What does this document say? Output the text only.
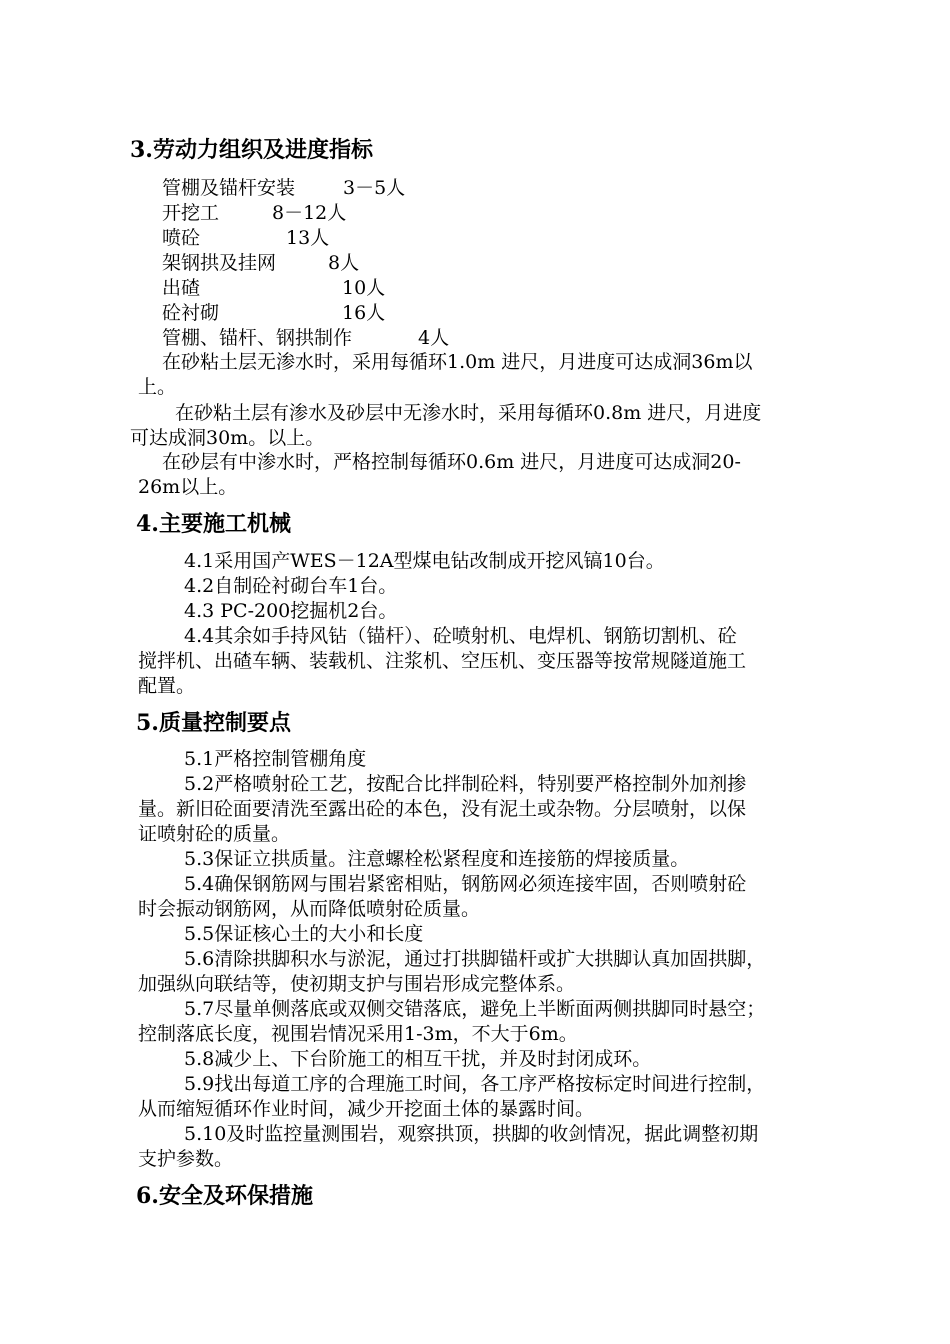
3.劳动力组织及进度指标
管棚及锚杆安装	3－5人
开挖工	8－12人
喷砼	13人
架钢拱及挂网	8人
出碴	10人
砼衬砌	16人
管棚、锚杆、钢拱制作	4人
在砂粘土层无渗水时，采用每循环1.0m 进尺，月进度可达成洞36m以
上。
在砂粘土层有渗水及砂层中无渗水时，采用每循环0.8m 进尺，月进度
可达成洞30m。以上。
在砂层有中渗水时，严格控制每循环0.6m 进尺，月进度可达成洞20-
26m以上。
4.主要施工机械
4.1采用国产WES－12A型煤电钻改制成开挖风镐10台。
4.2自制砼衬砌台车1台。
4.3 PC-200挖掘机2台。
4.4其余如手持风钻（锚杆）、砼喷射机、电焊机、钢筋切割机、砼
搅拌机、出碴车辆、装载机、注浆机、空压机、变压器等按常规隧道施工
配置。
5.质量控制要点
5.1严格控制管棚角度
5.2严格喷射砼工艺，按配合比拌制砼料，特别要严格控制外加剂掺
量。新旧砼面要清洗至露出砼的本色，没有泥土或杂物。分层喷射，以保
证喷射砼的质量。
5.3保证立拱质量。注意螺栓松紧程度和连接筋的焊接质量。
5.4确保钢筋网与围岩紧密相贴，钢筋网必须连接牢固，否则喷射砼
时会振动钢筋网，从而降低喷射砼质量。
5.5保证核心土的大小和长度
5.6清除拱脚积水与淤泥，通过打拱脚锚杆或扩大拱脚认真加固拱脚，
加强纵向联结等，使初期支护与围岩形成完整体系。
5.7尽量单侧落底或双侧交错落底，避免上半断面两侧拱脚同时悬空；
控制落底长度，视围岩情况采用1-3m，不大于6m。
5.8减少上、下台阶施工的相互干扰，并及时封闭成环。
5.9找出每道工序的合理施工时间，各工序严格按标定时间进行控制，
从而缩短循环作业时间，减少开挖面土体的暴露时间。
5.10及时监控量测围岩，观察拱顶，拱脚的收剑情况，据此调整初期
支护参数。
6.安全及环保措施
